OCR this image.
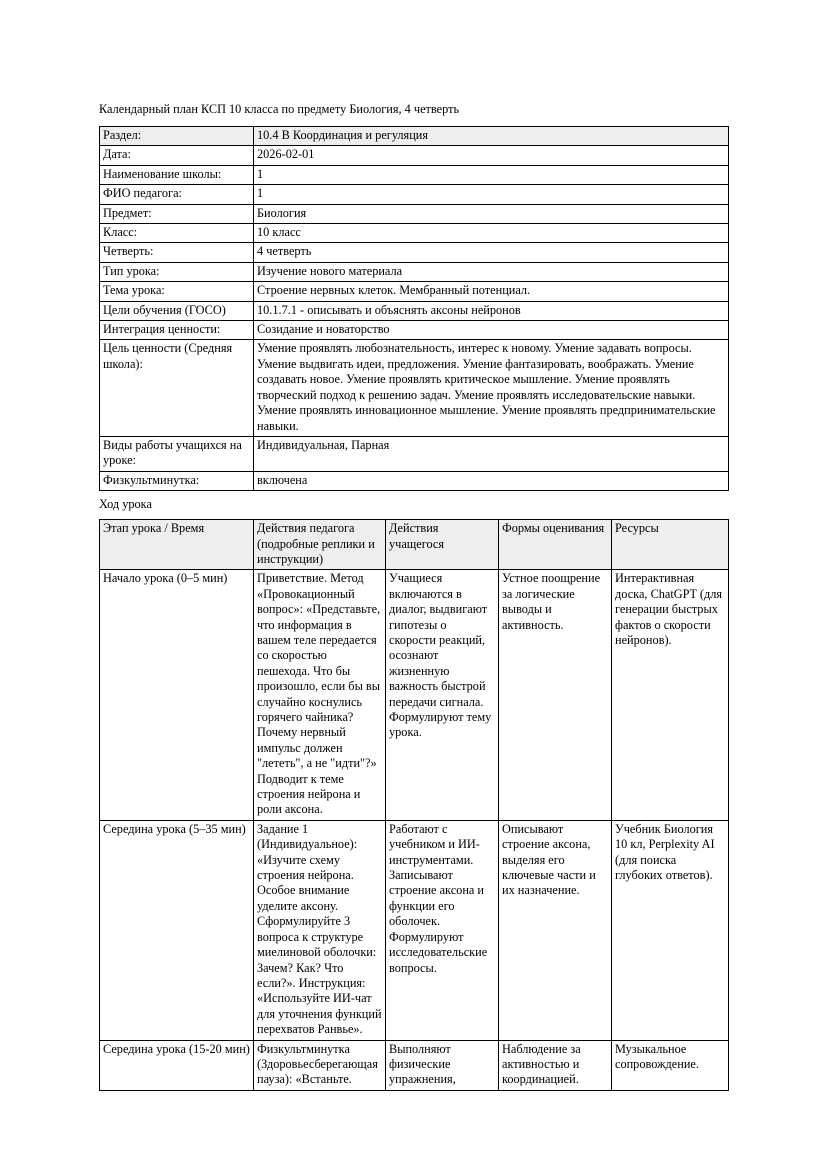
Календарный план КСП 10 класса по предмету Биология, 4 четверть
Раздел:	10.4 В Координация и регуляция
Дата:	2026-02-01
Наименование школы:	1
ФИО педагога:	1
Предмет:	Биология
Класс:	10 класс
Четверть:	4 четверть
Тип урока:	Изучение нового материала
Тема урока:	Строение нервных клеток. Мембранный потенциал.
Цели обучения (ГОСО)	10.1.7.1 - описывать и объяснять аксоны нейронов
Интеграция ценности:	Созидание и новаторство
Цель ценности (Средняя школа):	Умение проявлять любознательность, интерес к новому. Умение задавать вопросы. Умение выдвигать идеи, предложения. Умение фантазировать, воображать. Умение создавать новое. Умение проявлять критическое мышление. Умение проявлять творческий подход к решению задач. Умение проявлять исследовательские навыки. Умение проявлять инновационное мышление. Умение проявлять предпринимательские навыки.
Виды работы учащихся на уроке:	Индивидуальная, Парная
Физкультминутка:	включена
Ход урока
Этап урока / Время	Действия педагога (подробные реплики и инструкции)	Действия учащегося	Формы оценивания	Ресурсы
Начало урока (0–5 мин)	Приветствие. Метод «Провокационный вопрос»: «Представьте, что информация в вашем теле передается со скоростью пешехода. Что бы произошло, если бы вы случайно коснулись горячего чайника? Почему нервный импульс должен "лететь", а не "идти"?» Подводит к теме строения нейрона и роли аксона.	Учащиеся включаются в диалог, выдвигают гипотезы о скорости реакций, осознают жизненную важность быстрой передачи сигнала. Формулируют тему урока.	Устное поощрение за логические выводы и активность.	Интерактивная доска, ChatGPT (для генерации быстрых фактов о скорости нейронов).
Середина урока (5–35 мин)	Задание 1 (Индивидуальное): «Изучите схему строения нейрона. Особое внимание уделите аксону. Сформулируйте 3 вопроса к структуре миелиновой оболочки: Зачем? Как? Что если?». Инструкция: «Используйте ИИ-чат для уточнения функций перехватов Ранвье».	Работают с учебником и ИИ-инструментами. Записывают строение аксона и функции его оболочек. Формулируют исследовательские вопросы.	Описывают строение аксона, выделяя его ключевые части и их назначение.	Учебник Биология 10 кл, Perplexity AI (для поиска глубоких ответов).
Середина урока (15-20 мин)	Физкультминутка (Здоровьесберегающая пауза): «Встаньте.	Выполняют физические упражнения,	Наблюдение за активностью и координацией.	Музыкальное сопровождение.
